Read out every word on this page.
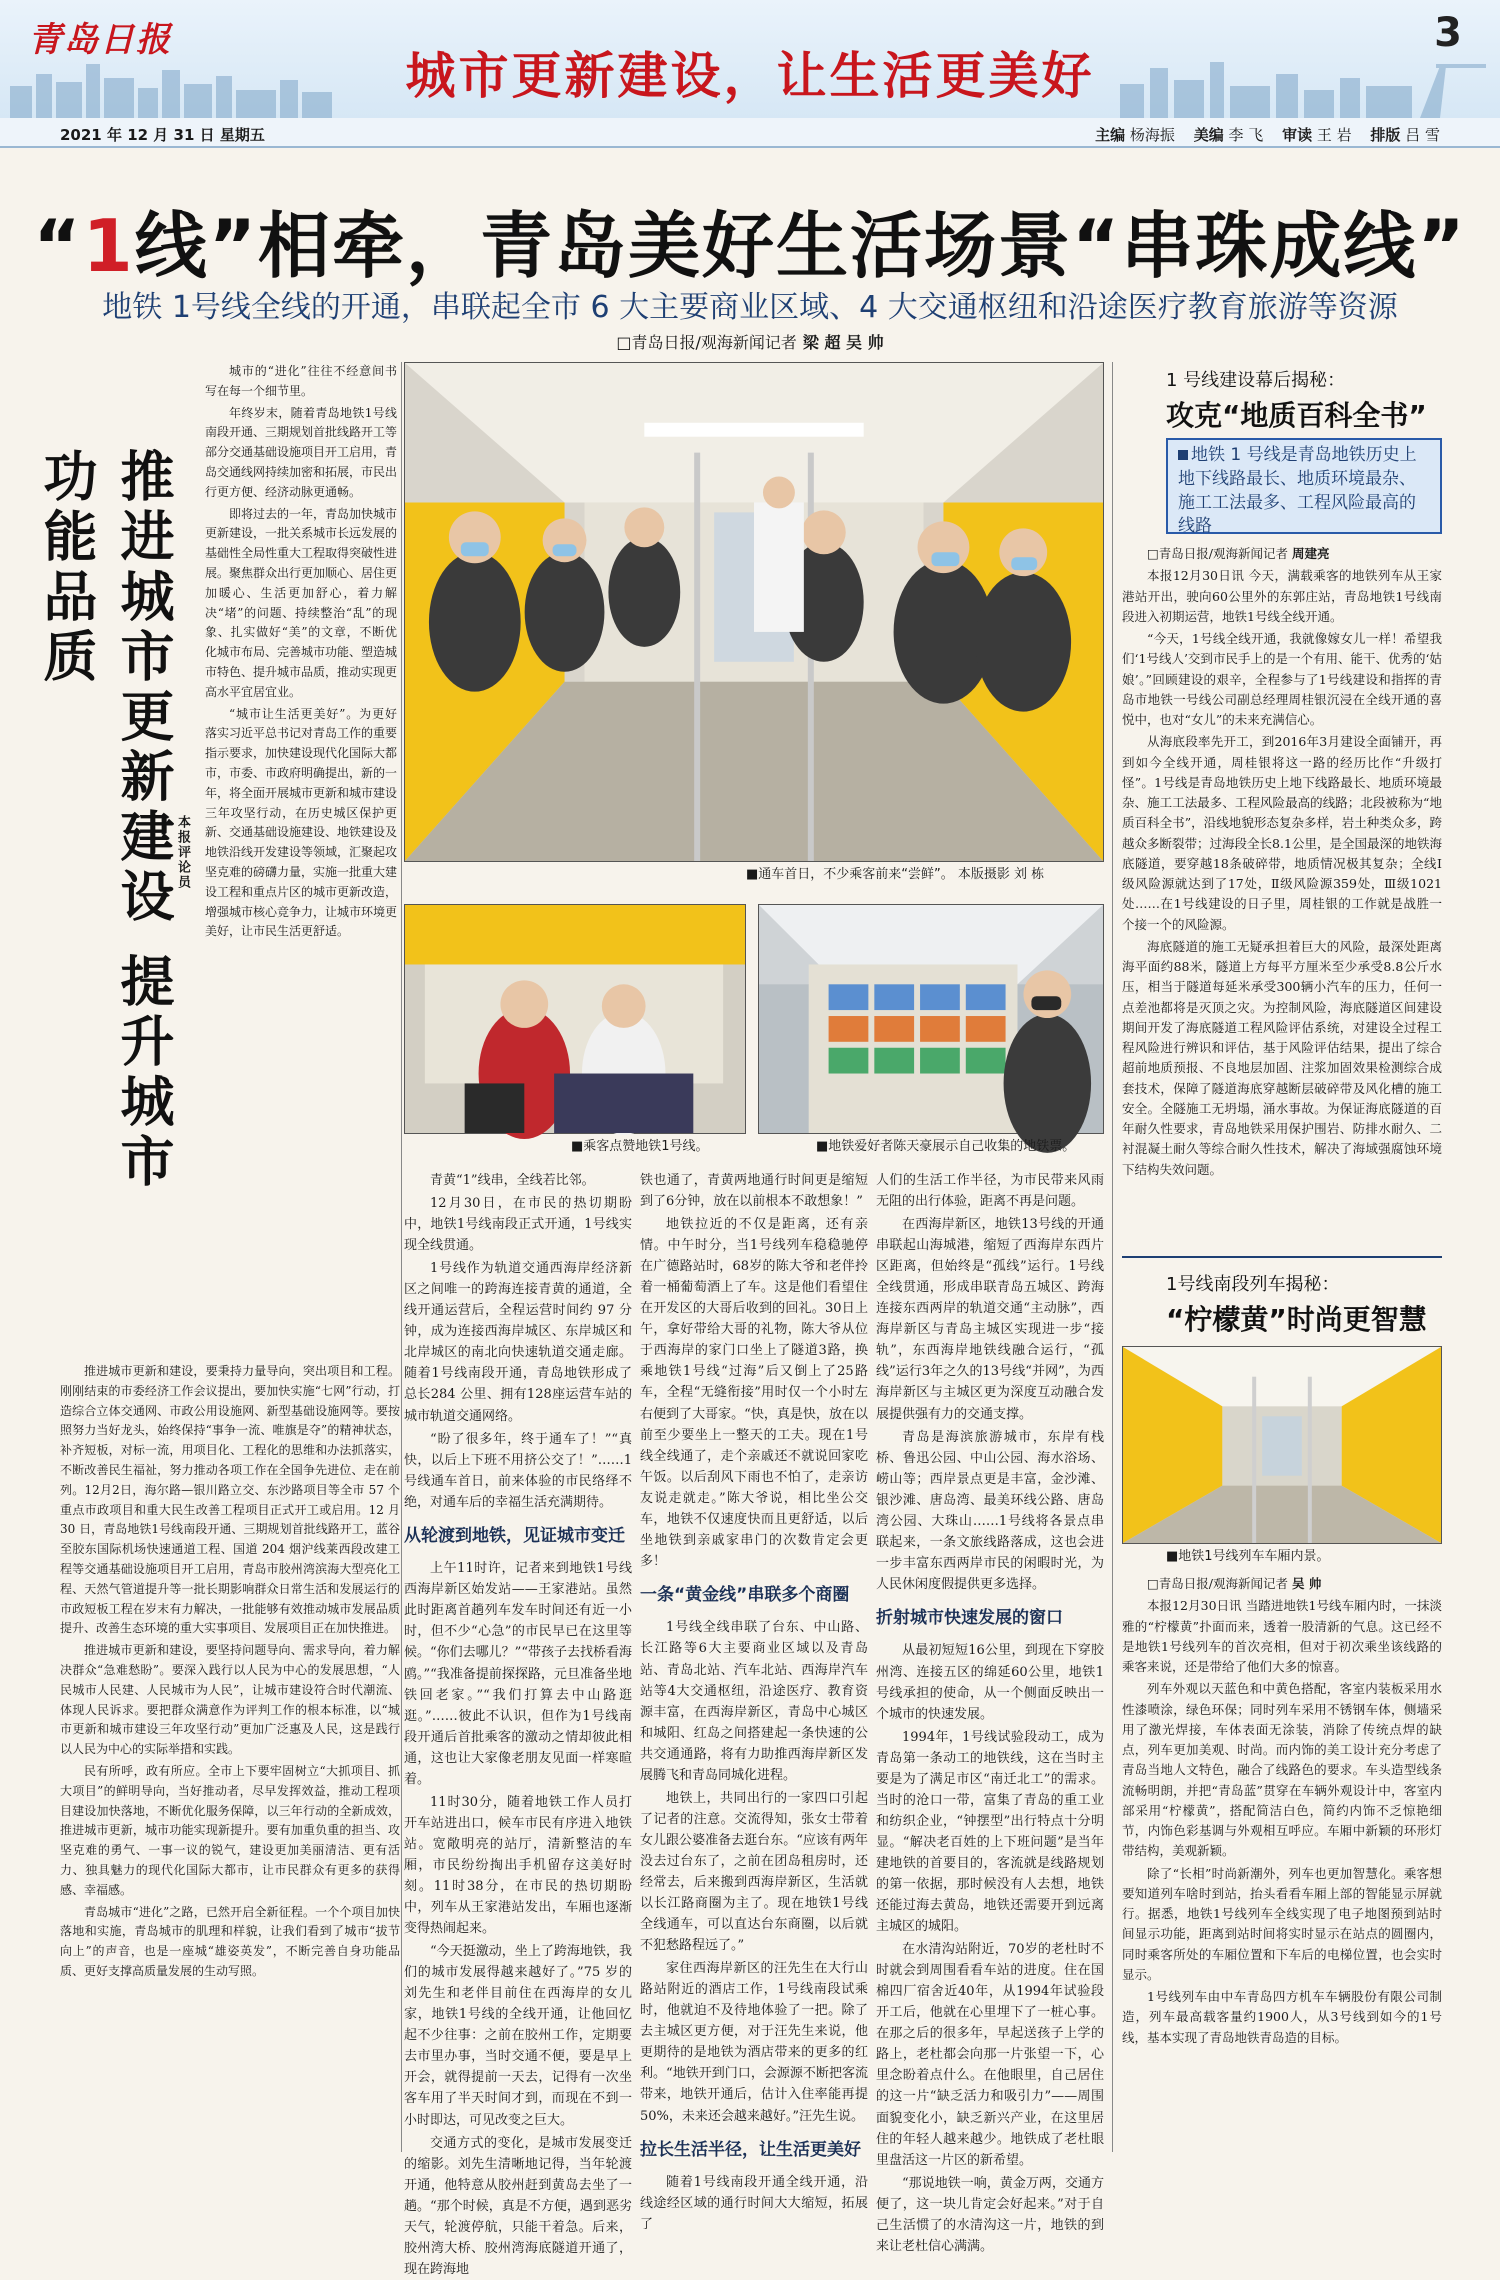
青岛日报
城市更新建设，让生活更美好
3
2021 年 12 月 31 日 星期五	主编 杨海振 美编 李 飞 审读 王 岩 排版 吕 雪
“1线”相牵，青岛美好生活场景“串珠成线”
地铁 1号线全线的开通，串联起全市 6 大主要商业区域、4 大交通枢纽和沿途医疗教育旅游等资源
□青岛日报/观海新闻记者 梁 超 吴 帅

城市的“进化”往往不经意间书写在每一个细节里。

年终岁末，随着青岛地铁1号线南段开通、三期规划首批线路开工等部分交通基础设施项目开工启用，青岛交通线网持续加密和拓展，市民出行更方便、经济动脉更通畅。

即将过去的一年，青岛加快城市更新建设，一批关系城市长远发展的基础性全局性重大工程取得突破性进展。聚焦群众出行更加顺心、居住更加暖心、生活更加舒心，着力解决“堵”的问题、持续整治“乱”的现象、扎实做好“美”的文章，不断优化城市布局、完善城市功能、塑造城市特色、提升城市品质，推动实现更高水平宜居宜业。

“城市让生活更美好”。为更好落实习近平总书记对青岛工作的重要指示要求，加快建设现代化国际大都市，市委、市政府明确提出，新的一年，将全面开展城市更新和城市建设三年攻坚行动，在历史城区保护更新、交通基础设施建设、地铁建设及地铁沿线开发建设等领域，汇聚起攻坚克难的磅礴力量，实施一批重大建设工程和重点片区的城市更新改造，增强城市核心竞争力，让城市环境更美好，让市民生活更舒适。

推进城市更新建设 提升城市功能品质
本报评论员

推进城市更新和建设，要秉持力量导向，突出项目和工程。刚刚结束的市委经济工作会议提出，要加快实施“七网”行动，打造综合立体交通网、市政公用设施网、新型基础设施网等。要按照努力当好龙头，始终保持“事争一流、唯旗是夺”的精神状态，补齐短板，对标一流，用项目化、工程化的思维和办法抓落实，不断改善民生福祉，努力推动各项工作在全国争先进位、走在前列。12月2日，海尔路—银川路立交、东沙路项目等全市 57 个重点市政项目和重大民生改善工程项目正式开工或启用。12 月 30 日，青岛地铁1号线南段开通、三期规划首批线路开工，蓝谷至胶东国际机场快速通道工程、国道 204 烟沪线莱西段改建工程等交通基础设施项目开工启用，青岛市胶州湾滨海大型亮化工程、天然气管道提升等一批长期影响群众日常生活和发展运行的市政短板工程在岁末有力解决，一批能够有效推动城市发展品质提升、改善生态环境的重大实事项目、发展项目正在加快推进。

推进城市更新和建设，要坚持问题导向、需求导向，着力解决群众“急难愁盼”。要深入践行以人民为中心的发展思想，“人民城市人民建、人民城市为人民”，让城市建设符合时代潮流、体现人民诉求。要把群众满意作为评判工作的根本标准，以“城市更新和城市建设三年攻坚行动”更加广泛惠及人民，这是践行以人民为中心的实际举措和实践。

民有所呼，政有所应。全市上下要牢固树立“大抓项目、抓大项目”的鲜明导向，当好推动者，尽早发挥效益，推动工程项目建设加快落地，不断优化服务保障，以三年行动的全新成效，推进城市更新，城市功能实现新提升。要有加重负重的担当、攻坚克难的勇气、一事一议的锐气，建设更加美丽清洁、更有活力、独具魅力的现代化国际大都市，让市民群众有更多的获得感、幸福感。

青岛城市“进化”之路，已然开启全新征程。一个个项目加快落地和实施，青岛城市的肌理和样貌，让我们看到了城市“拔节向上”的声音，也是一座城“雄姿英发”，不断完善自身功能品质、更好支撑高质量发展的生动写照。

■通车首日，不少乘客前来“尝鲜”。 本版摄影 刘 栋
■乘客点赞地铁1号线。	■地铁爱好者陈天豪展示自己收集的地铁票。

青黄“1”线串，全线若比邻。

12月30日，在市民的热切期盼中，地铁1号线南段正式开通，1号线实现全线贯通。

1号线作为轨道交通西海岸经济新区之间唯一的跨海连接青黄的通道，全线开通运营后，全程运营时间约 97 分钟，成为连接西海岸城区、东岸城区和北岸城区的南北向快速轨道交通走廊。随着1号线南段开通，青岛地铁形成了总长284 公里、拥有128座运营车站的城市轨道交通网络。

“盼了很多年，终于通车了！”“真快，以后上下班不用挤公交了！”……1号线通车首日，前来体验的市民络绎不绝，对通车后的幸福生活充满期待。

从轮渡到地铁，见证城市变迁

上午11时许，记者来到地铁1号线西海岸新区始发站——王家港站。虽然此时距离首趟列车发车时间还有近一小时，但不少“心急”的市民早已在这里等候。“你们去哪儿？”“带孩子去找桥看海鸥。”“我准备提前探探路，元旦准备坐地铁回老家。”“我们打算去中山路逛逛。”……彼此不认识，但作为1号线南段开通后首批乘客的激动之情却彼此相通，这也让大家像老朋友见面一样寒暄着。

11时30分，随着地铁工作人员打开车站进出口，候车市民有序进入地铁站。宽敞明亮的站厅，清新整洁的车厢，市民纷纷掏出手机留存这美好时刻。11时38分，在市民的热切期盼中，列车从王家港站发出，车厢也逐渐变得热闹起来。

“今天挺激动，坐上了跨海地铁，我们的城市发展得越来越好了。”75 岁的刘先生和老伴目前住在西海岸的女儿家，地铁1号线的全线开通，让他回忆起不少往事：之前在胶州工作，定期要去市里办事，当时交通不便，要是早上开会，就得提前一天去，记得有一次坐客车用了半天时间才到，而现在不到一小时即达，可见改变之巨大。

交通方式的变化，是城市发展变迁的缩影。刘先生清晰地记得，当年轮渡开通，他特意从胶州赶到黄岛去坐了一趟。“那个时候，真是不方便，遇到恶劣天气，轮渡停航，只能干着急。后来，胶州湾大桥、胶州湾海底隧道开通了，现在跨海地

铁也通了，青黄两地通行时间更是缩短到了6分钟，放在以前根本不敢想象！”

地铁拉近的不仅是距离，还有亲情。中午时分，当1号线列车稳稳驰停在广德路站时，68岁的陈大爷和老伴拎着一桶葡萄酒上了车。这是他们看望住在开发区的大哥后收到的回礼。30日上午，拿好带给大哥的礼物，陈大爷从位于西海岸的家门口坐上了隧道3路，换乘地铁1号线“过海”后又倒上了25路车，全程“无缝衔接”用时仅一个小时左右便到了大哥家。“快，真是快，放在以前至少要坐上一整天的工夫。现在1号线全线通了，走个亲戚还不就说回家吃午饭。以后刮风下雨也不怕了，走亲访友说走就走。”陈大爷说，相比坐公交车，地铁不仅速度快而且更舒适，以后坐地铁到亲戚家串门的次数肯定会更多！

一条“黄金线”串联多个商圈

1号线全线串联了台东、中山路、长江路等6大主要商业区域以及青岛站、青岛北站、汽车北站、西海岸汽车站等4大交通枢纽，沿途医疗、教育资源丰富，在西海岸新区，青岛中心城区和城阳、红岛之间搭建起一条快速的公共交通通路，将有力助推西海岸新区发展腾飞和青岛同城化进程。

地铁上，共同出行的一家四口引起了记者的注意。交流得知，张女士带着女儿跟公婆准备去逛台东。“应该有两年没去过台东了，之前在团岛租房时，还经常去，后来搬到西海岸新区，生活就以长江路商圈为主了。现在地铁1号线全线通车，可以直达台东商圈，以后就不犯愁路程远了。”

家住西海岸新区的汪先生在大行山路站附近的酒店工作，1号线南段试乘时，他就迫不及待地体验了一把。除了去主城区更方便，对于汪先生来说，他更期待的是地铁为酒店带来的更多的红利。“地铁开到门口，会源源不断把客流带来，地铁开通后，估计入住率能再提 50%，未来还会越来越好。”汪先生说。

拉长生活半径，让生活更美好

随着1号线南段开通全线开通，沿线途经区域的通行时间大大缩短，拓展了

人们的生活工作半径，为市民带来风雨无阻的出行体验，距离不再是问题。

在西海岸新区，地铁13号线的开通串联起山海城港，缩短了西海岸东西片区距离，但始终是“孤线”运行。1号线全线贯通，形成串联青岛五城区、跨海连接东西两岸的轨道交通“主动脉”，西海岸新区与青岛主城区实现进一步“接轨”，东西海岸地铁线融合运行，“孤线”运行3年之久的13号线“并网”，为西海岸新区与主城区更为深度互动融合发展提供强有力的交通支撑。

青岛是海滨旅游城市，东岸有栈桥、鲁迅公园、中山公园、海水浴场、崂山等；西岸景点更是丰富，金沙滩、银沙滩、唐岛湾、最美环线公路、唐岛湾公园、大珠山……1号线将各景点串联起来，一条文旅线路落成，这也会进一步丰富东西两岸市民的闲暇时光，为人民休闲度假提供更多选择。

折射城市快速发展的窗口

从最初短短16公里，到现在下穿胶州湾、连接五区的绵延60公里，地铁1号线承担的使命，从一个侧面反映出一个城市的快速发展。

1994年，1号线试验段动工，成为青岛第一条动工的地铁线，这在当时主要是为了满足市区“南迁北工”的需求。当时的沧口一带，富集了青岛的重工业和纺织企业，“钟摆型”出行特点十分明显。“解决老百姓的上下班问题”是当年建地铁的首要目的，客流就是线路规划的第一依据，那时候没有人去想，地铁还能过海去黄岛，地铁还需要开到远离主城区的城阳。

在水清沟站附近，70岁的老杜时不时就会到周围看看车站的进度。住在国棉四厂宿舍近40年，从1994年试验段开工后，他就在心里埋下了一桩心事。在那之后的很多年，早起送孩子上学的路上，老杜都会向那一片张望一下，心里念盼着点什么。在他眼里，自己居住的这一片“缺乏活力和吸引力”——周围面貌变化小，缺乏新兴产业，在这里居住的年轻人越来越少。地铁成了老杜眼里盘活这一片区的新希望。

“那说地铁一响，黄金万两，交通方便了，这一块儿肯定会好起来。”对于自己生活惯了的水清沟这一片，地铁的到来让老杜信心满满。

1 号线建设幕后揭秘：
攻克“地质百科全书”
地铁 1 号线是青岛地铁历史上地下线路最长、地质环境最杂、施工工法最多、工程风险最高的线路

□青岛日报/观海新闻记者 周建亮

本报12月30日讯 今天，满载乘客的地铁列车从王家港站开出，驶向60公里外的东郭庄站，青岛地铁1号线南段进入初期运营，地铁1号线全线开通。

“今天，1号线全线开通，我就像嫁女儿一样！希望我们‘1号线人’交到市民手上的是一个有用、能干、优秀的‘姑娘’。”回顾建设的艰辛，全程参与了1号线建设和指挥的青岛市地铁一号线公司副总经理周桂银沉浸在全线开通的喜悦中，也对“女儿”的未来充满信心。

从海底段率先开工，到2016年3月建设全面铺开，再到如今全线开通，周桂银将这一路的经历比作“升级打怪”。1号线是青岛地铁历史上地下线路最长、地质环境最杂、施工工法最多、工程风险最高的线路；北段被称为“地质百科全书”，沿线地貌形态复杂多样，岩土种类众多，跨越众多断裂带；过海段全长8.1公里，是全国最深的地铁海底隧道，要穿越18条破碎带，地质情况极其复杂；全线Ⅰ级风险源就达到了17处，Ⅱ级风险源359处，Ⅲ级1021处……在1号线建设的日子里，周桂银的工作就是战胜一个接一个的风险源。

海底隧道的施工无疑承担着巨大的风险，最深处距离海平面约88米，隧道上方每平方厘米至少承受8.8公斤水压，相当于隧道每延米承受300辆小汽车的压力，任何一点差池都将是灭顶之灾。为控制风险，海底隧道区间建设期间开发了海底隧道工程风险评估系统，对建设全过程工程风险进行辨识和评估，基于风险评估结果，提出了综合超前地质预报、不良地层加固、注浆加固效果检测综合成套技术，保障了隧道海底穿越断层破碎带及风化槽的施工安全。全隧施工无坍塌，涌水事故。为保证海底隧道的百年耐久性要求，青岛地铁采用保护围岩、防排水耐久、二衬混凝土耐久等综合耐久性技术，解决了海域强腐蚀环境下结构失效问题。

1号线南段列车揭秘：
“柠檬黄”时尚更智慧
■地铁1号线列车车厢内景。

□青岛日报/观海新闻记者 吴 帅

本报12月30日讯 当踏进地铁1号线车厢内时，一抹淡雅的“柠檬黄”扑面而来，透着一股清新的气息。这已经不是地铁1号线列车的首次亮相，但对于初次乘坐该线路的乘客来说，还是带给了他们大多的惊喜。

列车外观以天蓝色和中黄色搭配，客室内装板采用水性漆喷涂，绿色环保；同时列车采用不锈钢车体，侧墙采用了激光焊接，车体表面无涂装，消除了传统点焊的缺点，列车更加美观、时尚。而内饰的美工设计充分考虑了青岛当地人文特色，融合了线路色的要求。车头造型线条流畅明朗，并把“青岛蓝”贯穿在车辆外观设计中，客室内部采用“柠檬黄”，搭配简洁白色，简约内饰不乏惊艳细节，内饰色彩基调与外观相互呼应。车厢中新颖的环形灯带结构，美观新颖。

除了“长相”时尚新潮外，列车也更加智慧化。乘客想要知道列车啥时到站，抬头看看车厢上部的智能显示屏就行。据悉，地铁1号线列车全线实现了电子地图预到站时间显示功能，距离到站时间将实时显示在站点的圆圈内，同时乘客所处的车厢位置和下车后的电梯位置，也会实时显示。

1号线列车由中车青岛四方机车车辆股份有限公司制造，列车最高载客量约1900人，从3号线到如今的1号线，基本实现了青岛地铁青岛造的目标。
